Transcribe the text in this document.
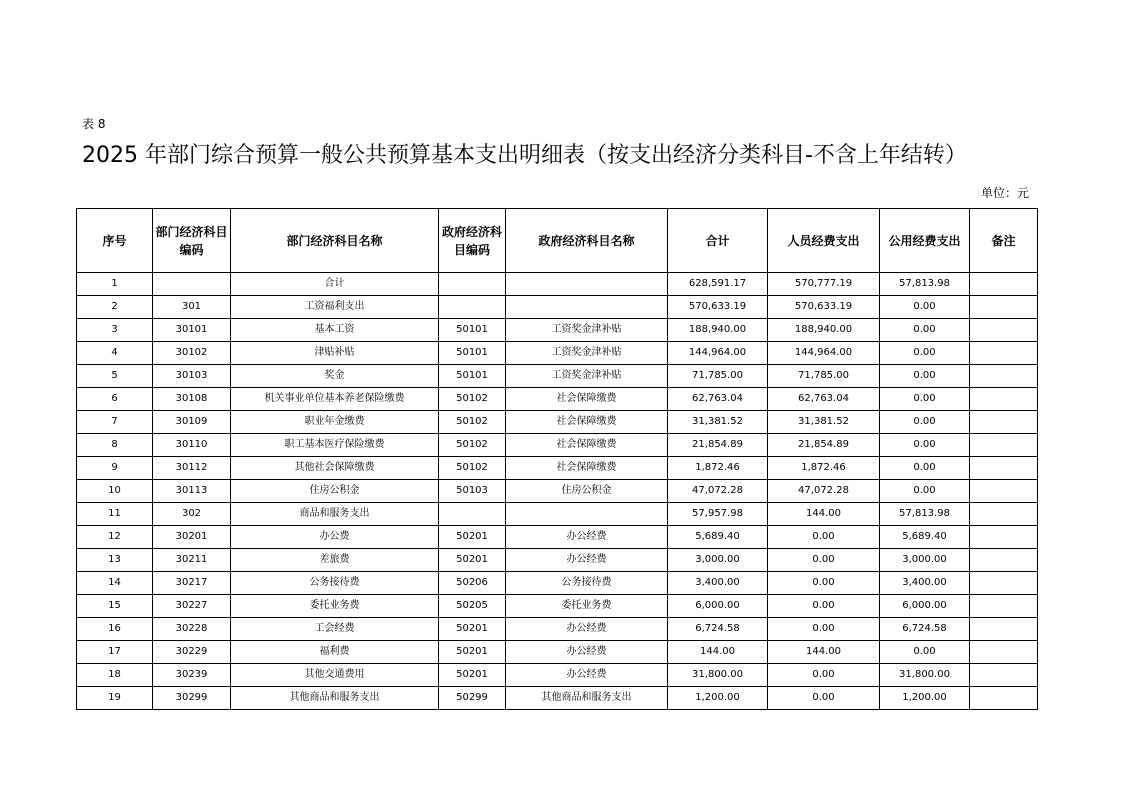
表 8
2025 年部门综合预算一般公共预算基本支出明细表（按支出经济分类科目-不含上年结转）
单位：元
序号	部门经济科目编码	部门经济科目名称	政府经济科目编码	政府经济科目名称	合计	人员经费支出	公用经费支出	备注
1		合计			628,591.17	570,777.19	57,813.98	
2	301	工资福利支出			570,633.19	570,633.19	0.00	
3	30101	基本工资	50101	工资奖金津补贴	188,940.00	188,940.00	0.00	
4	30102	津贴补贴	50101	工资奖金津补贴	144,964.00	144,964.00	0.00	
5	30103	奖金	50101	工资奖金津补贴	71,785.00	71,785.00	0.00	
6	30108	机关事业单位基本养老保险缴费	50102	社会保障缴费	62,763.04	62,763.04	0.00	
7	30109	职业年金缴费	50102	社会保障缴费	31,381.52	31,381.52	0.00	
8	30110	职工基本医疗保险缴费	50102	社会保障缴费	21,854.89	21,854.89	0.00	
9	30112	其他社会保障缴费	50102	社会保障缴费	1,872.46	1,872.46	0.00	
10	30113	住房公积金	50103	住房公积金	47,072.28	47,072.28	0.00	
11	302	商品和服务支出			57,957.98	144.00	57,813.98	
12	30201	办公费	50201	办公经费	5,689.40	0.00	5,689.40	
13	30211	差旅费	50201	办公经费	3,000.00	0.00	3,000.00	
14	30217	公务接待费	50206	公务接待费	3,400.00	0.00	3,400.00	
15	30227	委托业务费	50205	委托业务费	6,000.00	0.00	6,000.00	
16	30228	工会经费	50201	办公经费	6,724.58	0.00	6,724.58	
17	30229	福利费	50201	办公经费	144.00	144.00	0.00	
18	30239	其他交通费用	50201	办公经费	31,800.00	0.00	31,800.00	
19	30299	其他商品和服务支出	50299	其他商品和服务支出	1,200.00	0.00	1,200.00	
